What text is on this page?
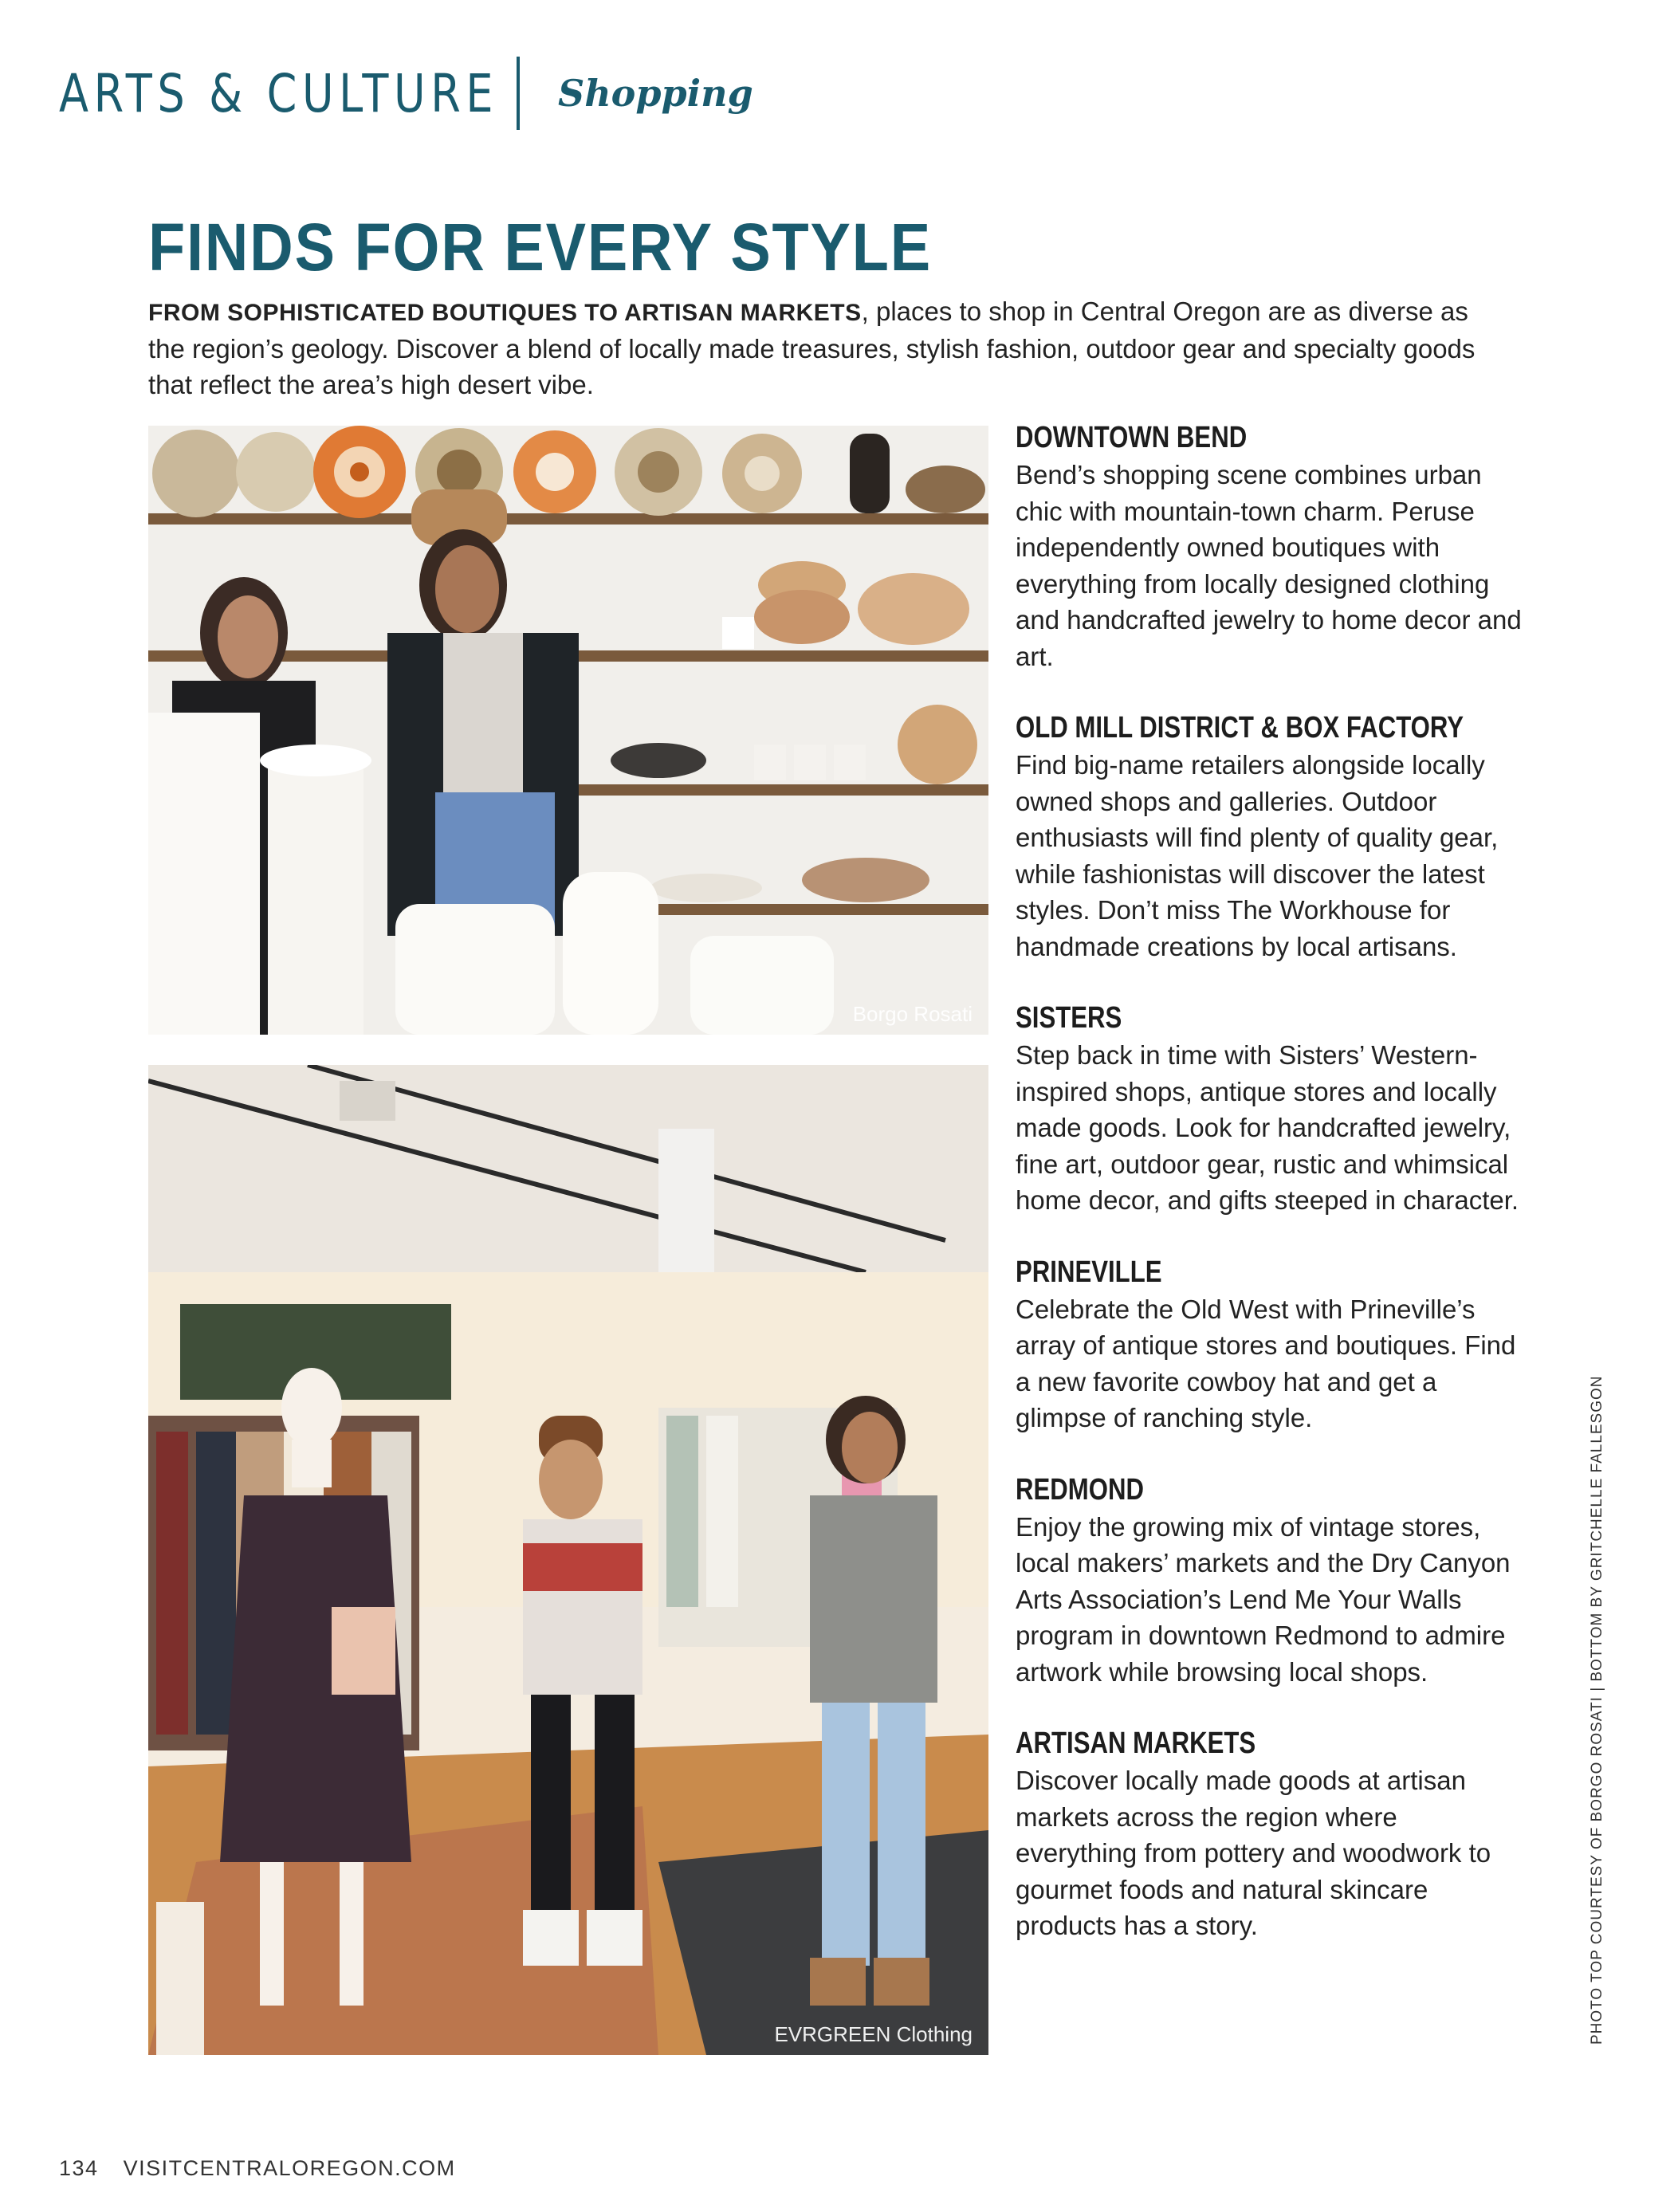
ARTS & CULTURE Shopping
FINDS FOR EVERY STYLE

FROM SOPHISTICATED BOUTIQUES TO ARTISAN MARKETS, places to shop in Central Oregon are as diverse as the region’s geology. Discover a blend of locally made treasures, stylish fashion, outdoor gear and specialty goods that reflect the area’s high desert vibe.

Borgo Rosati
EVRGREEN Clothing
DOWNTOWN BEND

Bend’s shopping scene combines urban chic with mountain-town charm. Peruse independently owned boutiques with everything from locally designed clothing and handcrafted jewelry to home decor and art.

OLD MILL DISTRICT & BOX FACTORY

Find big-name retailers alongside locally owned shops and galleries. Outdoor enthusiasts will find plenty of quality gear, while fashionistas will discover the latest styles. Don’t miss The Workhouse for handmade creations by local artisans.

SISTERS

Step back in time with Sisters’ Western-inspired shops, antique stores and locally made goods. Look for handcrafted jewelry, fine art, outdoor gear, rustic and whimsical home decor, and gifts steeped in character.

PRINEVILLE

Celebrate the Old West with Prineville’s array of antique stores and boutiques. Find a new favorite cowboy hat and get a glimpse of ranching style.

REDMOND

Enjoy the growing mix of vintage stores, local makers’ markets and the Dry Canyon Arts Association’s Lend Me Your Walls program in downtown Redmond to admire artwork while browsing local shops.

ARTISAN MARKETS

Discover locally made goods at artisan markets across the region where everything from pottery and woodwork to gourmet foods and natural skincare products has a story.	PHOTO TOP COURTESY OF BORGO ROSATI | BOTTOM BY GRITCHELLE FALLESGON
134 VISITCENTRALOREGON.COM
